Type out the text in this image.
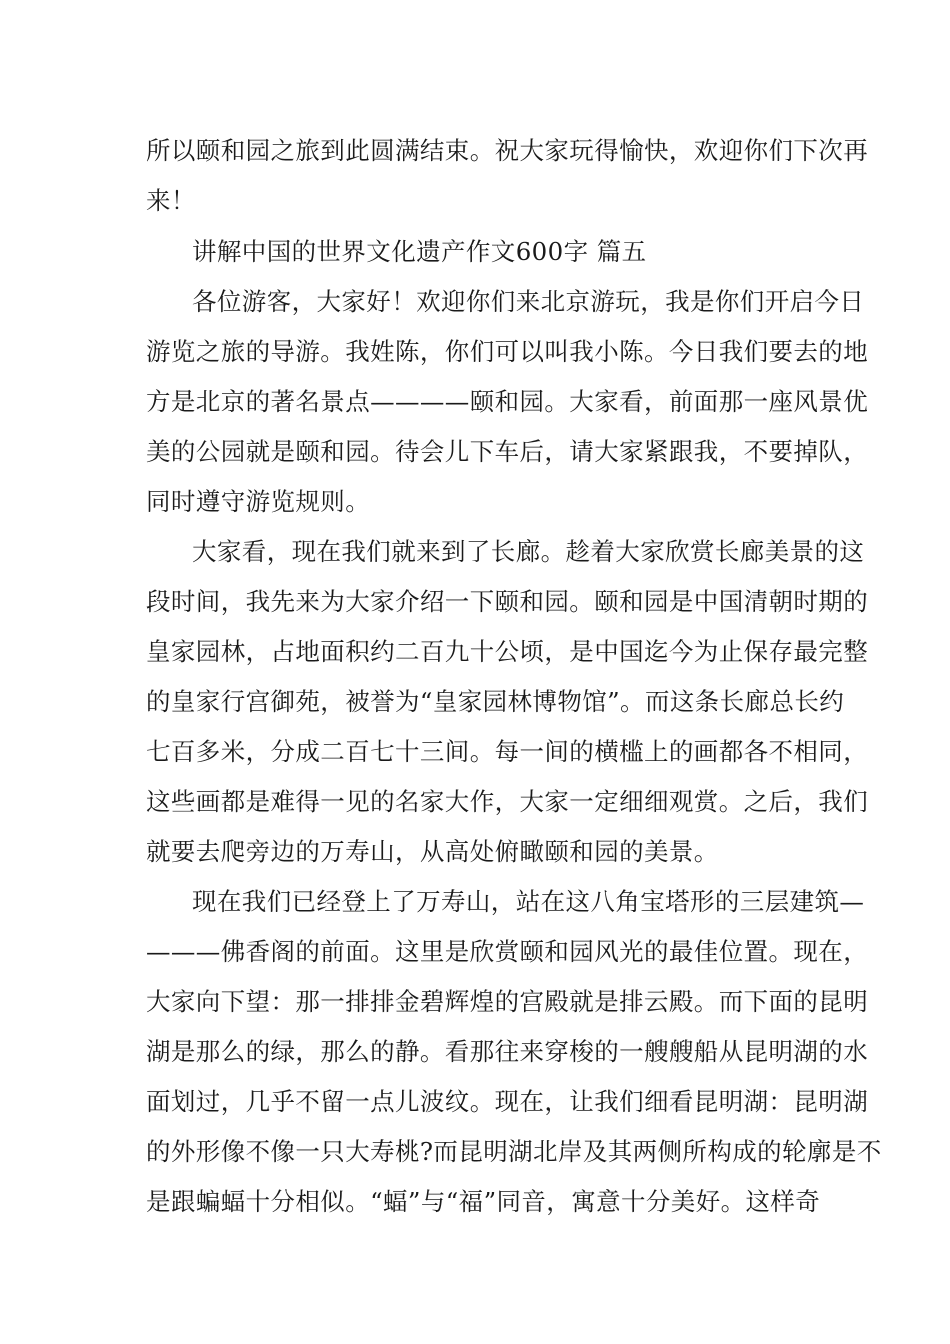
所以颐和园之旅到此圆满结束。祝大家玩得愉快，欢迎你们下次再
来！
讲解中国的世界文化遗产作文600字 篇五
各位游客，大家好！欢迎你们来北京游玩，我是你们开启今日
游览之旅的导游。我姓陈，你们可以叫我小陈。今日我们要去的地
方是北京的著名景点————颐和园。大家看，前面那一座风景优
美的公园就是颐和园。待会儿下车后，请大家紧跟我，不要掉队，
同时遵守游览规则。
大家看，现在我们就来到了长廊。趁着大家欣赏长廊美景的这
段时间，我先来为大家介绍一下颐和园。颐和园是中国清朝时期的
皇家园林，占地面积约二百九十公顷，是中国迄今为止保存最完整
的皇家行宫御苑，被誉为“皇家园林博物馆”。而这条长廊总长约
七百多米，分成二百七十三间。每一间的横槛上的画都各不相同，
这些画都是难得一见的名家大作，大家一定细细观赏。之后，我们
就要去爬旁边的万寿山，从高处俯瞰颐和园的美景。
现在我们已经登上了万寿山，站在这八角宝塔形的三层建筑—
———佛香阁的前面。这里是欣赏颐和园风光的最佳位置。现在，
大家向下望：那一排排金碧辉煌的宫殿就是排云殿。而下面的昆明
湖是那么的绿，那么的静。看那往来穿梭的一艘艘船从昆明湖的水
面划过，几乎不留一点儿波纹。现在，让我们细看昆明湖：昆明湖
的外形像不像一只大寿桃?而昆明湖北岸及其两侧所构成的轮廓是不
是跟蝙蝠十分相似。“蝠”与“福”同音，寓意十分美好。这样奇
